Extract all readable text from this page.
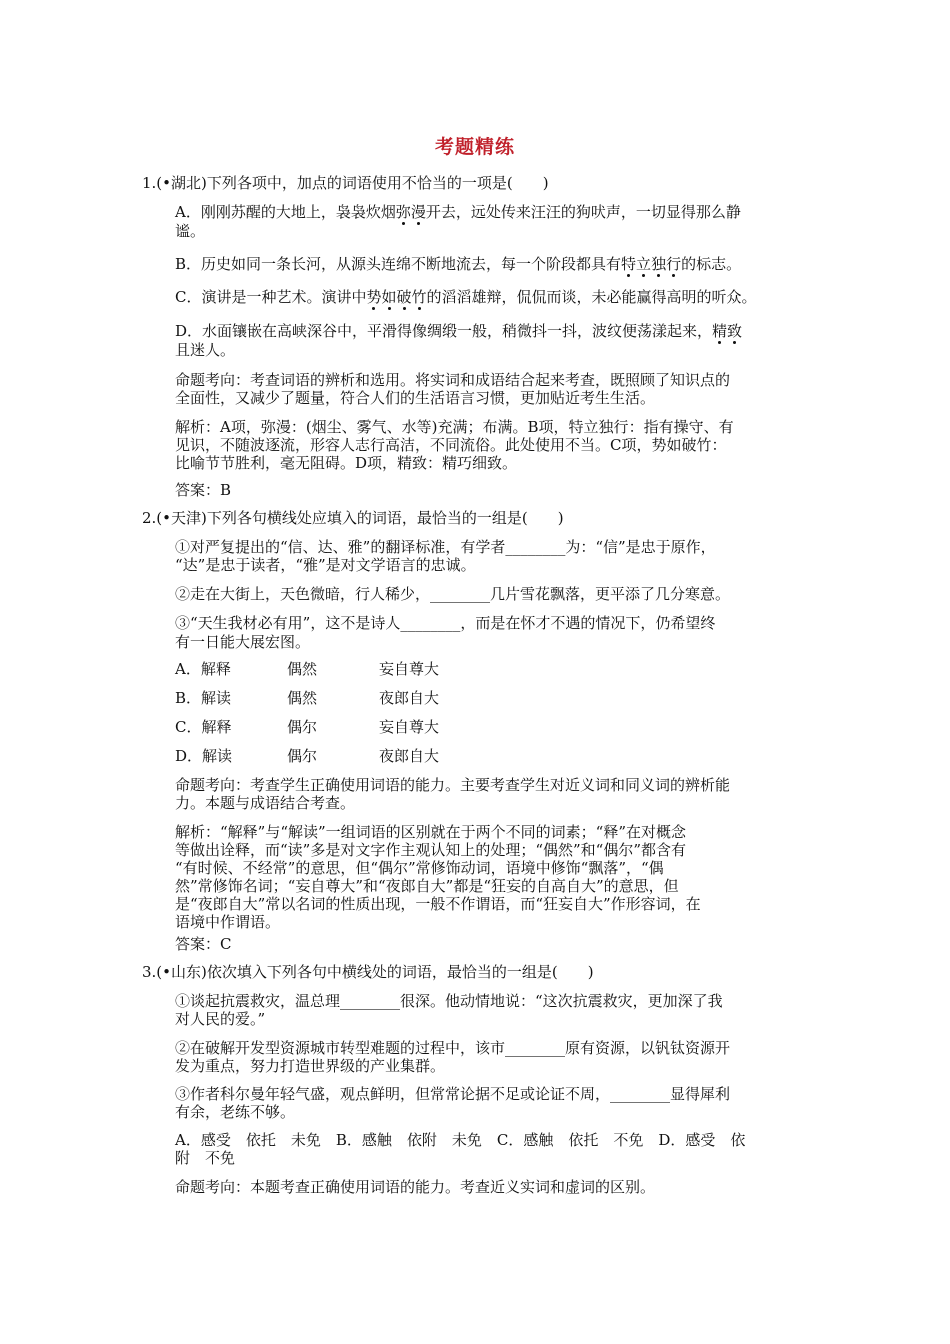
考题精练
1.(•湖北)下列各项中，加点的词语使用不恰当的一项是(　　)
A．刚刚苏醒的大地上，袅袅炊烟弥漫开去，远处传来汪汪的狗吠声，一切显得那么静
谧。
B．历史如同一条长河，从源头连绵不断地流去，每一个阶段都具有特立独行的标志。
C．演讲是一种艺术。演讲中势如破竹的滔滔雄辩，侃侃而谈，未必能赢得高明的听众。
D．水面镶嵌在高峡深谷中，平滑得像绸缎一般，稍微抖一抖，波纹便荡漾起来，精致
且迷人。
命题考向：考查词语的辨析和选用。将实词和成语结合起来考查，既照顾了知识点的
全面性，又减少了题量，符合人们的生活语言习惯，更加贴近考生生活。
解析：A项，弥漫：(烟尘、雾气、水等)充满；布满。B项，特立独行：指有操守、有
见识，不随波逐流，形容人志行高洁，不同流俗。此处使用不当。C项，势如破竹：
比喻节节胜利，毫无阻碍。D项，精致：精巧细致。
答案：B
2.(•天津)下列各句横线处应填入的词语，最恰当的一组是(　　)
①对严复提出的“信、达、雅”的翻译标准，有学者________为：“信”是忠于原作，
“达”是忠于读者，“雅”是对文学语言的忠诚。
②走在大街上，天色微暗，行人稀少，________几片雪花飘落，更平添了几分寒意。
③“天生我材必有用”，这不是诗人________，而是在怀才不遇的情况下，仍希望终
有一日能大展宏图。
A．解释	偶然	妄自尊大
B．解读	偶然	夜郎自大
C．解释	偶尔	妄自尊大
D．解读	偶尔	夜郎自大
命题考向：考查学生正确使用词语的能力。主要考查学生对近义词和同义词的辨析能
力。本题与成语结合考查。
解析：“解释”与“解读”一组词语的区别就在于两个不同的词素；“释”在对概念
等做出诠释，而“读”多是对文字作主观认知上的处理；“偶然”和“偶尔”都含有
“有时候、不经常”的意思，但“偶尔”常修饰动词，语境中修饰“飘落”，“偶
然”常修饰名词；“妄自尊大”和“夜郎自大”都是“狂妄的自高自大”的意思，但
是“夜郎自大”常以名词的性质出现，一般不作谓语，而“狂妄自大”作形容词，在
语境中作谓语。
答案：C
3.(•山东)依次填入下列各句中横线处的词语，最恰当的一组是(　　)
①谈起抗震救灾，温总理________很深。他动情地说：“这次抗震救灾，更加深了我
对人民的爱。”
②在破解开发型资源城市转型难题的过程中，该市________原有资源，以钒钛资源开
发为重点，努力打造世界级的产业集群。
③作者科尔曼年轻气盛，观点鲜明，但常常论据不足或论证不周，________显得犀利
有余，老练不够。
A．感受　依托　未免　B．感触　依附　未免　C．感触　依托　不免　D．感受　依
附　不免
命题考向：本题考查正确使用词语的能力。考查近义实词和虚词的区别。
